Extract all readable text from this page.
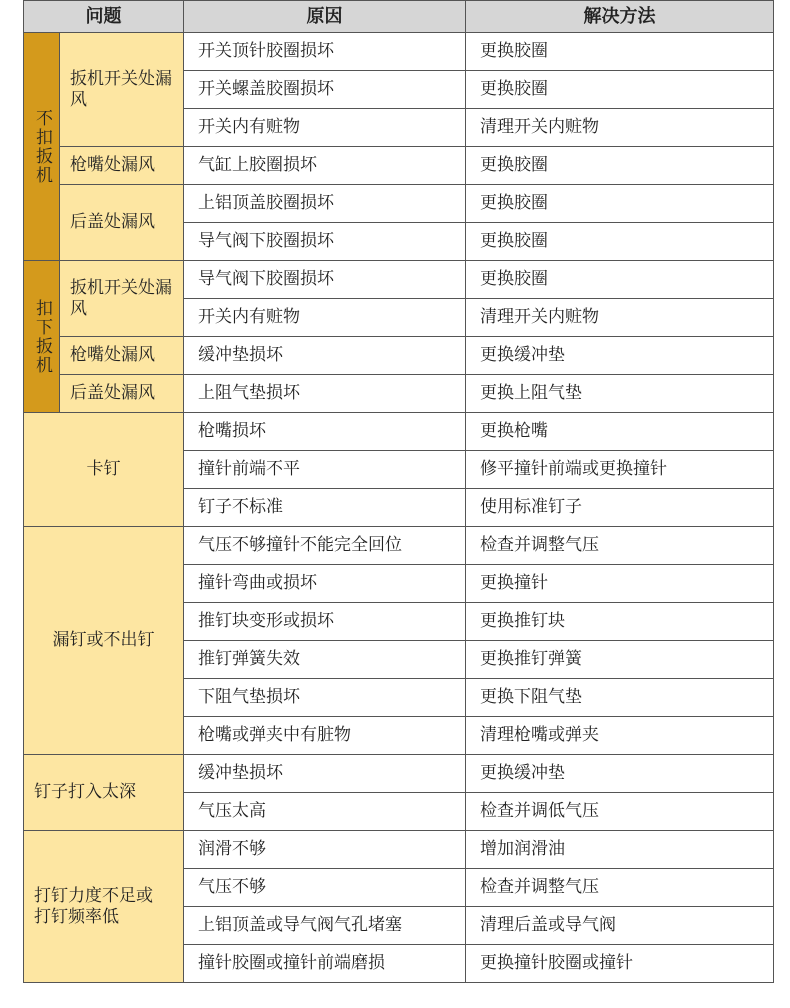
问题		原因	解决方法
不扣扳机	扳机开关处漏风	开关顶针胶圈损坏	更换胶圈
		开关螺盖胶圈损坏	更换胶圈
		开关内有赃物	清理开关内赃物
	枪嘴处漏风	气缸上胶圈损坏	更换胶圈
	后盖处漏风	上铝顶盖胶圈损坏	更换胶圈
		导气阀下胶圈损坏	更换胶圈
扣下扳机	扳机开关处漏风	导气阀下胶圈损坏	更换胶圈
		开关内有赃物	清理开关内赃物
	枪嘴处漏风	缓冲垫损坏	更换缓冲垫
	后盖处漏风	上阻气垫损坏	更换上阻气垫
卡钉		枪嘴损坏	更换枪嘴
		撞针前端不平	修平撞针前端或更换撞针
		钉子不标准	使用标准钉子
漏钉或不出钉		气压不够撞针不能完全回位	检查并调整气压
		撞针弯曲或损坏	更换撞针
		推钉块变形或损坏	更换推钉块
		推钉弹簧失效	更换推钉弹簧
		下阻气垫损坏	更换下阻气垫
		枪嘴或弹夹中有脏物	清理枪嘴或弹夹
钉子打入太深		缓冲垫损坏	更换缓冲垫
		气压太高	检查并调低气压
打钉力度不足或打钉频率低		润滑不够	增加润滑油
		气压不够	检查并调整气压
		上铝顶盖或导气阀气孔堵塞	清理后盖或导气阀
		撞针胶圈或撞针前端磨损	更换撞针胶圈或撞针
